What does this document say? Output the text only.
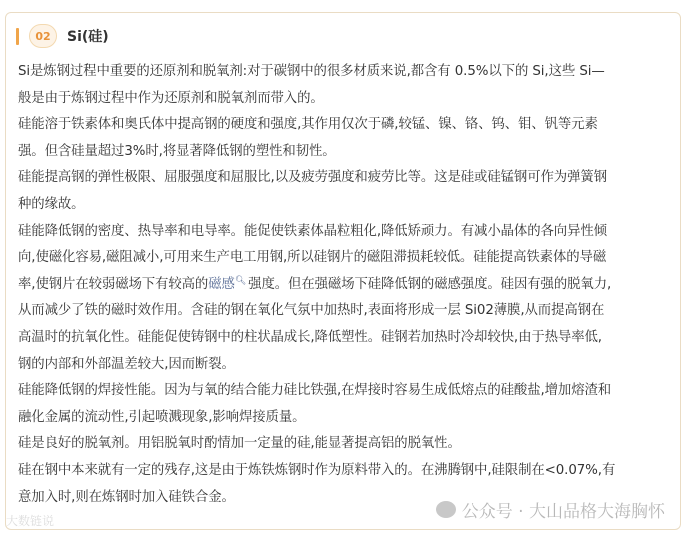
02	Si(硅)
Si是炼钢过程中重要的还原剂和脱氧剂:对于碳钢中的很多材质来说,都含有 0.5%以下的 Si,这些 Si—
般是由于炼钢过程中作为还原剂和脱氧剂而带入的。
硅能溶于铁素体和奥氏体中提高钢的硬度和强度,其作用仅次于磷,较锰、镍、铬、钨、钼、钒等元素
强。但含硅量超过3%时,将显著降低钢的塑性和韧性。
硅能提高钢的弹性极限、屈服强度和屈服比,以及疲劳强度和疲劳比等。这是硅或硅锰钢可作为弹簧钢
种的缘故。
硅能降低钢的密度、热导率和电导率。能促使铁素体晶粒粗化,降低矫顽力。有减小晶体的各向异性倾
向,使磁化容易,磁阻减小,可用来生产电工用钢,所以硅钢片的磁阻滞损耗较低。硅能提高铁素体的导磁
率,使钢片在较弱磁场下有较高的磁感🔍︎ 强度。但在强磁场下硅降低钢的磁感强度。硅因有强的脱氧力,
从而减少了铁的磁时效作用。含硅的钢在氧化气氛中加热时,表面将形成一层 Si02薄膜,从而提高钢在
高温时的抗氧化性。硅能促使铸钢中的柱状晶成长,降低塑性。硅钢若加热时冷却较快,由于热导率低,
钢的内部和外部温差较大,因而断裂。
硅能降低钢的焊接性能。因为与氧的结合能力硅比铁强,在焊接时容易生成低熔点的硅酸盐,增加熔渣和
融化金属的流动性,引起喷溅现象,影响焊接质量。
硅是良好的脱氧剂。用铝脱氧时酌情加一定量的硅,能显著提高铝的脱氧性。
硅在钢中本来就有一定的残存,这是由于炼铁炼钢时作为原料带入的。在沸腾钢中,硅限制在<0.07%,有
意加入时,则在炼钢时加入硅铁合金。
公众号 · 大山品格大海胸怀
大数链说
